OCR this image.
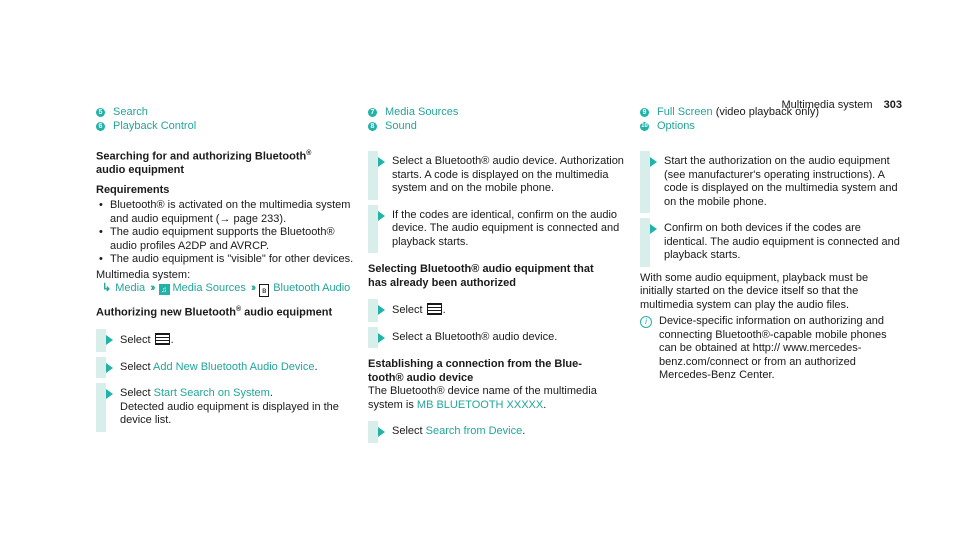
Multimedia system 303
5 Search
6 Playback Control
Searching for and authorizing Bluetooth®
audio equipment
Requirements
• Bluetooth® is activated on the multimedia system and audio equipment (→ page 233).
• The audio equipment supports the Bluetooth® audio profiles A2DP and AVRCP.
• The audio equipment is "visible" for other devices.
Multimedia system:
↳ Media ›› ♫ Media Sources ›› ʙ Bluetooth Audio
Authorizing new Bluetooth® audio equipment
Select .
Select Add New Bluetooth Audio Device.
Select Start Search on System.
Detected audio equipment is displayed in the device list.
7 Media Sources
8 Sound
Select a Bluetooth® audio device. Authorization starts. A code is displayed on the multimedia system and on the mobile phone.
If the codes are identical, confirm on the audio device. The audio equipment is connected and playback starts.
Selecting Bluetooth® audio equipment that
has already been authorized
Select .
Select a Bluetooth® audio device.
Establishing a connection from the Blue-
tooth® audio device
The Bluetooth® device name of the multimedia system is MB BLUETOOTH XXXXX.
Select Search from Device.
9 Full Screen (video playback only)
10 Options
Start the authorization on the audio equipment (see manufacturer's operating instructions). A code is displayed on the multimedia system and on the mobile phone.
Confirm on both devices if the codes are identical. The audio equipment is connected and playback starts.
With some audio equipment, playback must be initially started on the device itself so that the multimedia system can play the audio files.
i	Device-specific information on authorizing and connecting Bluetooth®-capable mobile phones can be obtained at http:// www.mercedes-benz.com/connect or from an authorized Mercedes-Benz Center.
